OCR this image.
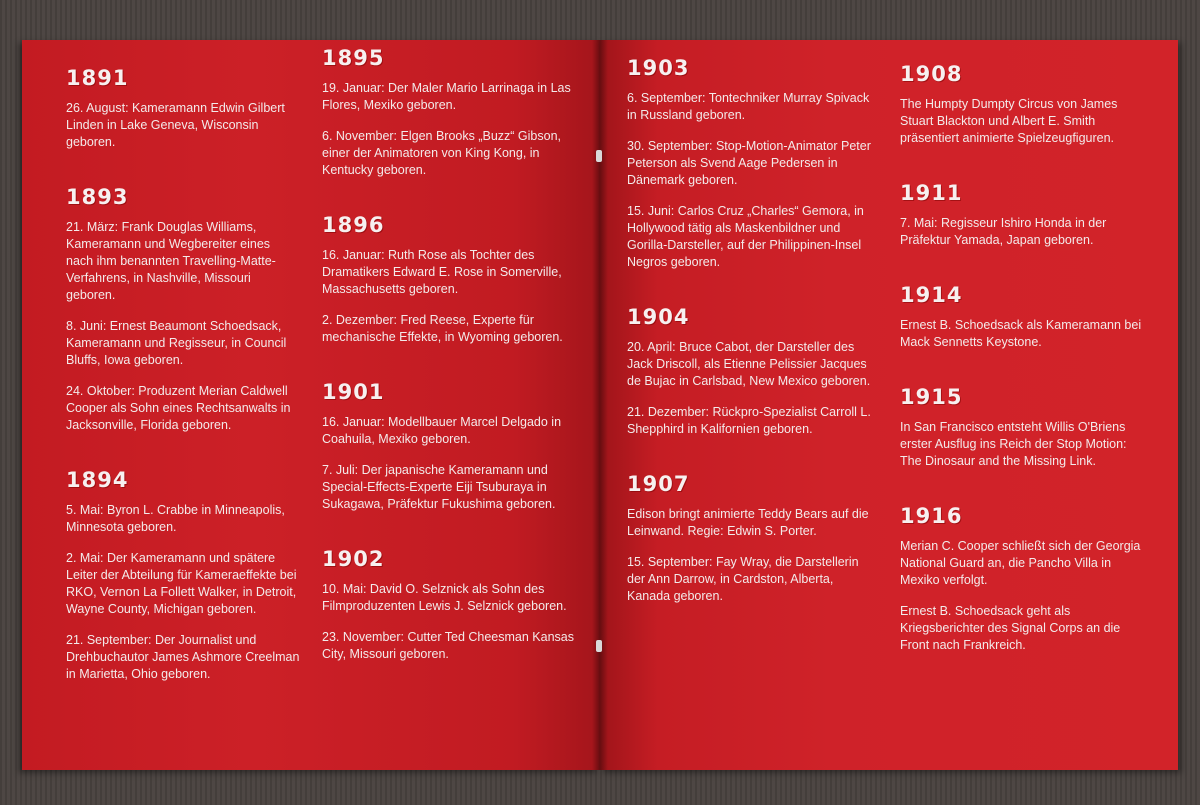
1891
26. August: Kameramann Edwin Gilbert Linden in Lake Geneva, Wisconsin geboren.
1893
21. März: Frank Douglas Williams, Kameramann und Wegbereiter eines nach ihm benannten Travelling-Matte-Verfahrens, in Nashville, Missouri geboren.
8. Juni: Ernest Beaumont Schoedsack, Kameramann und Regisseur, in Council Bluffs, Iowa geboren.
24. Oktober: Produzent Merian Caldwell Cooper als Sohn eines Rechtsanwalts in Jacksonville, Florida geboren.
1894
5. Mai: Byron L. Crabbe in Minneapolis, Minnesota geboren.
2. Mai: Der Kameramann und spätere Leiter der Abteilung für Kameraeffekte bei RKO, Vernon La Follett Walker, in Detroit, Wayne County, Michigan geboren.
21. September: Der Journalist und Drehbuchautor James Ashmore Creelman in Marietta, Ohio geboren.
1895
19. Januar: Der Maler Mario Larrinaga in Las Flores, Mexiko geboren.
6. November: Elgen Brooks „Buzz“ Gibson, einer der Animatoren von King Kong, in Kentucky geboren.
1896
16. Januar: Ruth Rose als Tochter des Dramatikers Edward E. Rose in Somerville, Massachusetts geboren.
2. Dezember: Fred Reese, Experte für mechanische Effekte, in Wyoming geboren.
1901
16. Januar: Modellbauer Marcel Delgado in Coahuila, Mexiko geboren.
7. Juli: Der japanische Kameramann und Special-Effects-Experte Eiji Tsuburaya in Sukagawa, Präfektur Fukushima geboren.
1902
10. Mai: David O. Selznick als Sohn des Filmproduzenten Lewis J. Selznick geboren.
23. November: Cutter Ted Cheesman Kansas City, Missouri geboren.
1903
6. September: Tontechniker Murray Spivack in Russland geboren.
30. September: Stop-Motion-Animator Peter Peterson als Svend Aage Pedersen in Dänemark geboren.
15. Juni: Carlos Cruz „Charles“ Gemora, in Hollywood tätig als Maskenbildner und Gorilla-Darsteller, auf der Philippinen-Insel Negros geboren.
1904
20. April: Bruce Cabot, der Darsteller des Jack Driscoll, als Etienne Pelissier Jacques de Bujac in Carlsbad, New Mexico geboren.
21. Dezember: Rückpro-Spezialist Carroll L. Shepphird in Kalifornien geboren.
1907
Edison bringt animierte Teddy Bears auf die Leinwand. Regie: Edwin S. Porter.
15. September: Fay Wray, die Darstellerin der Ann Darrow, in Cardston, Alberta, Kanada geboren.
1908
The Humpty Dumpty Circus von James Stuart Blackton und Albert E. Smith präsentiert animierte Spielzeugfiguren.
1911
7. Mai: Regisseur Ishiro Honda in der Präfektur Yamada, Japan geboren.
1914
Ernest B. Schoedsack als Kameramann bei Mack Sennetts Keystone.
1915
In San Francisco entsteht Willis O'Briens erster Ausflug ins Reich der Stop Motion: The Dinosaur and the Missing Link.
1916
Merian C. Cooper schließt sich der Georgia National Guard an, die Pancho Villa in Mexiko verfolgt.
Ernest B. Schoedsack geht als Kriegsberichter des Signal Corps an die Front nach Frankreich.
